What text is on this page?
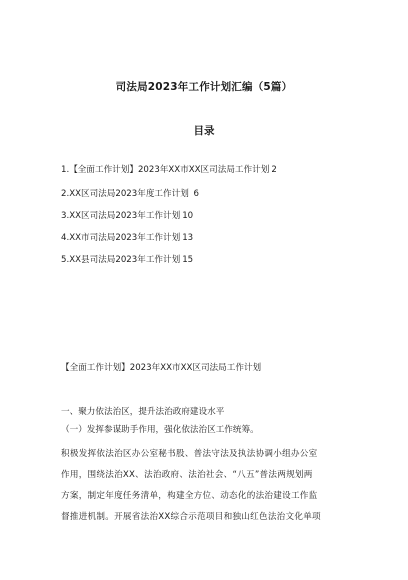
司法局2023年工作计划汇编（5篇）
目录
1.【全面工作计划】2023年XX市XX区司法局工作计划 2
2.XX区司法局2023年度工作计划 6
3.XX区司法局2023年工作计划 10
4.XX市司法局2023年工作计划 13
5.XX县司法局2023年工作计划 15
【全面工作计划】2023年XX市XX区司法局工作计划
一、聚力依法治区，提升法治政府建设水平
（一）发挥参谋助手作用，强化依法治区工作统筹。
积极发挥依法治区办公室秘书股、普法守法及执法协调小组办公室
作用，围绕法治XX、法治政府、法治社会、“八五”普法两规划两
方案，制定年度任务清单，构建全方位、动态化的法治建设工作监
督推进机制。开展省法治XX综合示范项目和独山红色法治文化单项
